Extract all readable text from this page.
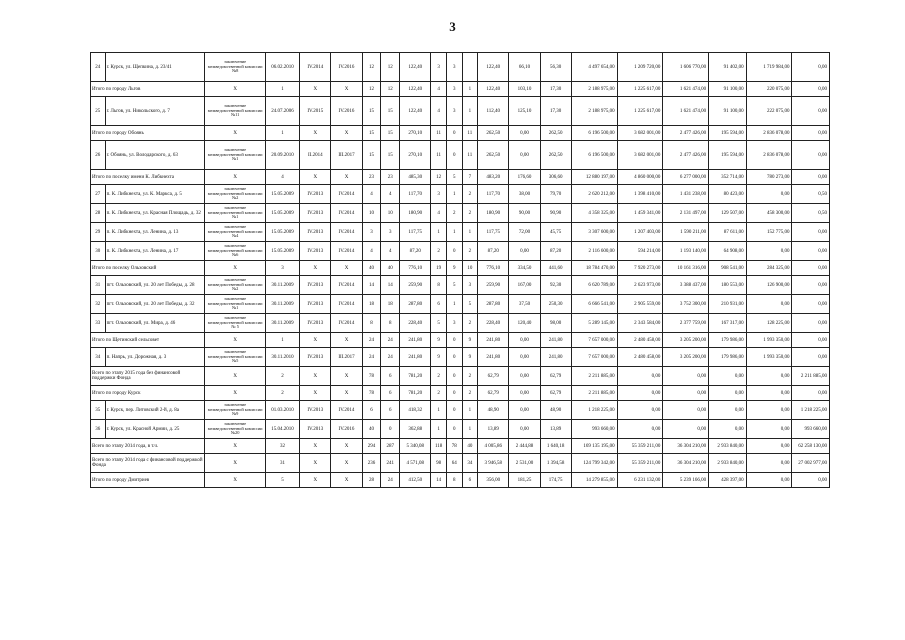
3
24	г. Курск, ул. Щепкина, д. 23/41	заключение межведомственной комиссии №8	06.02.2010	IV.2014	IV.2016	12	12	122,40	3	3		122,40	66,10	56,30	4 497 654,00	1 209 720,00	1 606 770,00	91 402,00	1 719 984,00	0,00
Итого по городу Льгов		Х	1	Х	Х	12	12	122,40	4	3	1	122,40	103,10	17,30	2 188 975,00	1 225 617,00	1 621 474,00	91 100,00	220 075,00	0,00
25	г. Льгов, ул. Никольского, д. 7	заключение межведомственной комиссии №11	24.07.2006	IV.2015	IV.2016	15	15	122,40	4	3	1	112,40	125,10	17,30	2 188 975,00	1 225 617,00	1 621 474,00	91 100,00	222 075,00	0,00
Итого по городу Обоянь		Х	1	Х	Х	15	15	270,10	11	0	11	262,50	0,00	262,50	6 196 500,00	3 682 001,00	2 477 426,00	195 594,00	2 836 078,00	0,00
26	г. Обоянь, ул. Володарского, д. 63	заключение межведомственной комиссии №1	20.09.2010	II.2014	III.2017	15	15	270,10	11	0	11	262,50	0,00	262,50	6 196 500,00	3 682 001,00	2 477 426,00	195 594,00	2 836 078,00	0,00
Итого по поселку имени К. Либкнехта		Х	4	Х	Х	23	23	485,30	12	5	7	483,20	176,60	306,60	12 880 197,00	4 860 000,00	6 277 000,00	352 714,00	780 273,00	0,00
27	п. К. Либкнехта, ул. К. Маркса, д. 5	заключение межведомственной комиссии №2	15.05.2009	IV.2013	IV.2014	4	4	117,70	3	1	2	117,70	38,00	79,70	2 620 212,00	1 398 410,00	1 431 238,00	80 423,00	0,00	0,50
28	п. К. Либкнехта, ул. Красная Площадь, д. 32	заключение межведомственной комиссии №1	15.05.2009	IV.2013	IV.2014	10	10	180,90	4	2	2	180,90	90,00	90,90	4 358 325,00	1 459 341,00	2 131 497,00	129 507,00	458 300,00	0,50
29	п. К. Либкнехта, ул. Ленина, д. 13	заключение межведомственной комиссии №4	15.05.2009	IV.2013	IV.2014	3	3	117,75	1	1	1	117,75	72,00	45,75	3 307 600,00	1 207 403,00	1 590 211,00	87 611,00	152 775,00	0,00
30	п. К. Либкнехта, ул. Ленина, д. 17	заключение межведомственной комиссии №6	15.05.2009	IV.2013	IV.2014	4	4	87,20	2	0	2	87,20	0,00	87,20	2 116 600,00	594 214,00	1 193 140,00	64 908,00	0,00	0,00
Итого по поселку Ольховский		Х	3	Х	Х	40	40	776,10	19	9	10	776,10	334,50	441,60	18 784 470,00	7 920 273,00	10 161 316,00	908 541,00	284 325,00	0,00
31	пгт. Ольховский, ул. 20 лет Победы, д. 28	заключение межведомственной комиссии №2	30.11.2009	IV.2013	IV.2014	14	14	259,90	8	5	3	259,90	167,00	92,30	6 620 789,00	2 623 973,00	3 388 437,00	180 553,00	126 900,00	0,00
32	пгт. Ольховский, ул. 20 лет Победы, д. 32	заключение межведомственной комиссии №1	30.11.2009	IV.2013	IV.2014	18	18	287,80	6	1	5	287,80	37,50	250,30	6 666 541,00	2 905 559,00	3 752 300,00	210 931,00	0,00	0,00
33	пгт. Ольховский, ул. Мира, д. 46	заключение межведомственной комиссии № 5	30.11.2009	IV.2013	IV.2014	8	8	228,40	5	3	2	228,40	120,40	98,00	5 289 145,00	2 343 584,00	2 377 759,00	167 317,00	128 225,00	0,00
Итого по Щетинский сельсовет		Х	1	Х	Х	24	24	241,80	9	0	9	241,80	0,00	241,80	7 657 000,00	2 480 458,00	3 205 200,00	179 986,00	1 993 350,00	0,00
34	п. Напрь, ул. Дорожная, д. 3	заключение межведомственной комиссии №5	30.11.2010	IV.2013	III.2017	24	24	241,80	9	0	9	241,80	0,00	241,80	7 657 000,00	2 480 458,00	3 205 200,00	179 986,00	1 993 350,00	0,00
Всего по этапу 2015 года без финансовой поддержки Фонда		Х	2	Х	Х	78	6	781,20	2	0	2	62,79	0,00	62,79	2 211 885,00	0,00	0,00	0,00	0,00	2 211 885,00
Итого по городу Курск		Х	2	Х	Х	78	6	781,20	2	0	2	62,79	0,00	62,79	2 211 885,00	0,00	0,00	0,00	0,00	0,00
35	г. Курск, пер. Литовский 2-й, д. 8а	заключение межведомственной комиссии №9	01.03.2010	IV.2013	IV.2014	6	6	418,32	1	0	1	48,90	0,00	48,90	1 218 225,00	0,00	0,00	0,00	0,00	1 218 225,00
36	г. Курск, ул. Красной Армии, д. 25	заключение межведомственной комиссии №20	15.04.2010	IV.2013	IV.2016	40	0	362,88	1	0	1	13,89	0,00	13,89	993 660,00	0,00	0,00	0,00	0,00	993 660,00
Всего по этапу 2014 года, в т.ч.		Х	32	Х	Х	294	287	5 340,08	118	78	40	4 005,86	2 444,88	1 640,18	169 135 195,00	55 359 211,00	36 304 210,00	2 933 840,00	0,00	62 258 130,00
Всего по этапу 2014 года с финансовой поддержкой Фонда		Х	31	Х	Х	236	241	4 571,08	98	64	34	3 946,58	2 531,00	1 394,58	124 799 342,00	55 359 211,00	36 304 210,00	2 933 840,00	0,00	27 002 977,00
Итого по городу Дмитриев		Х	5	Х	Х	28	24	412,50	14	8	6	356,00	181,25	174,75	14 279 855,00	6 231 132,00	5 239 166,00	428 397,00	0,00	0,00
